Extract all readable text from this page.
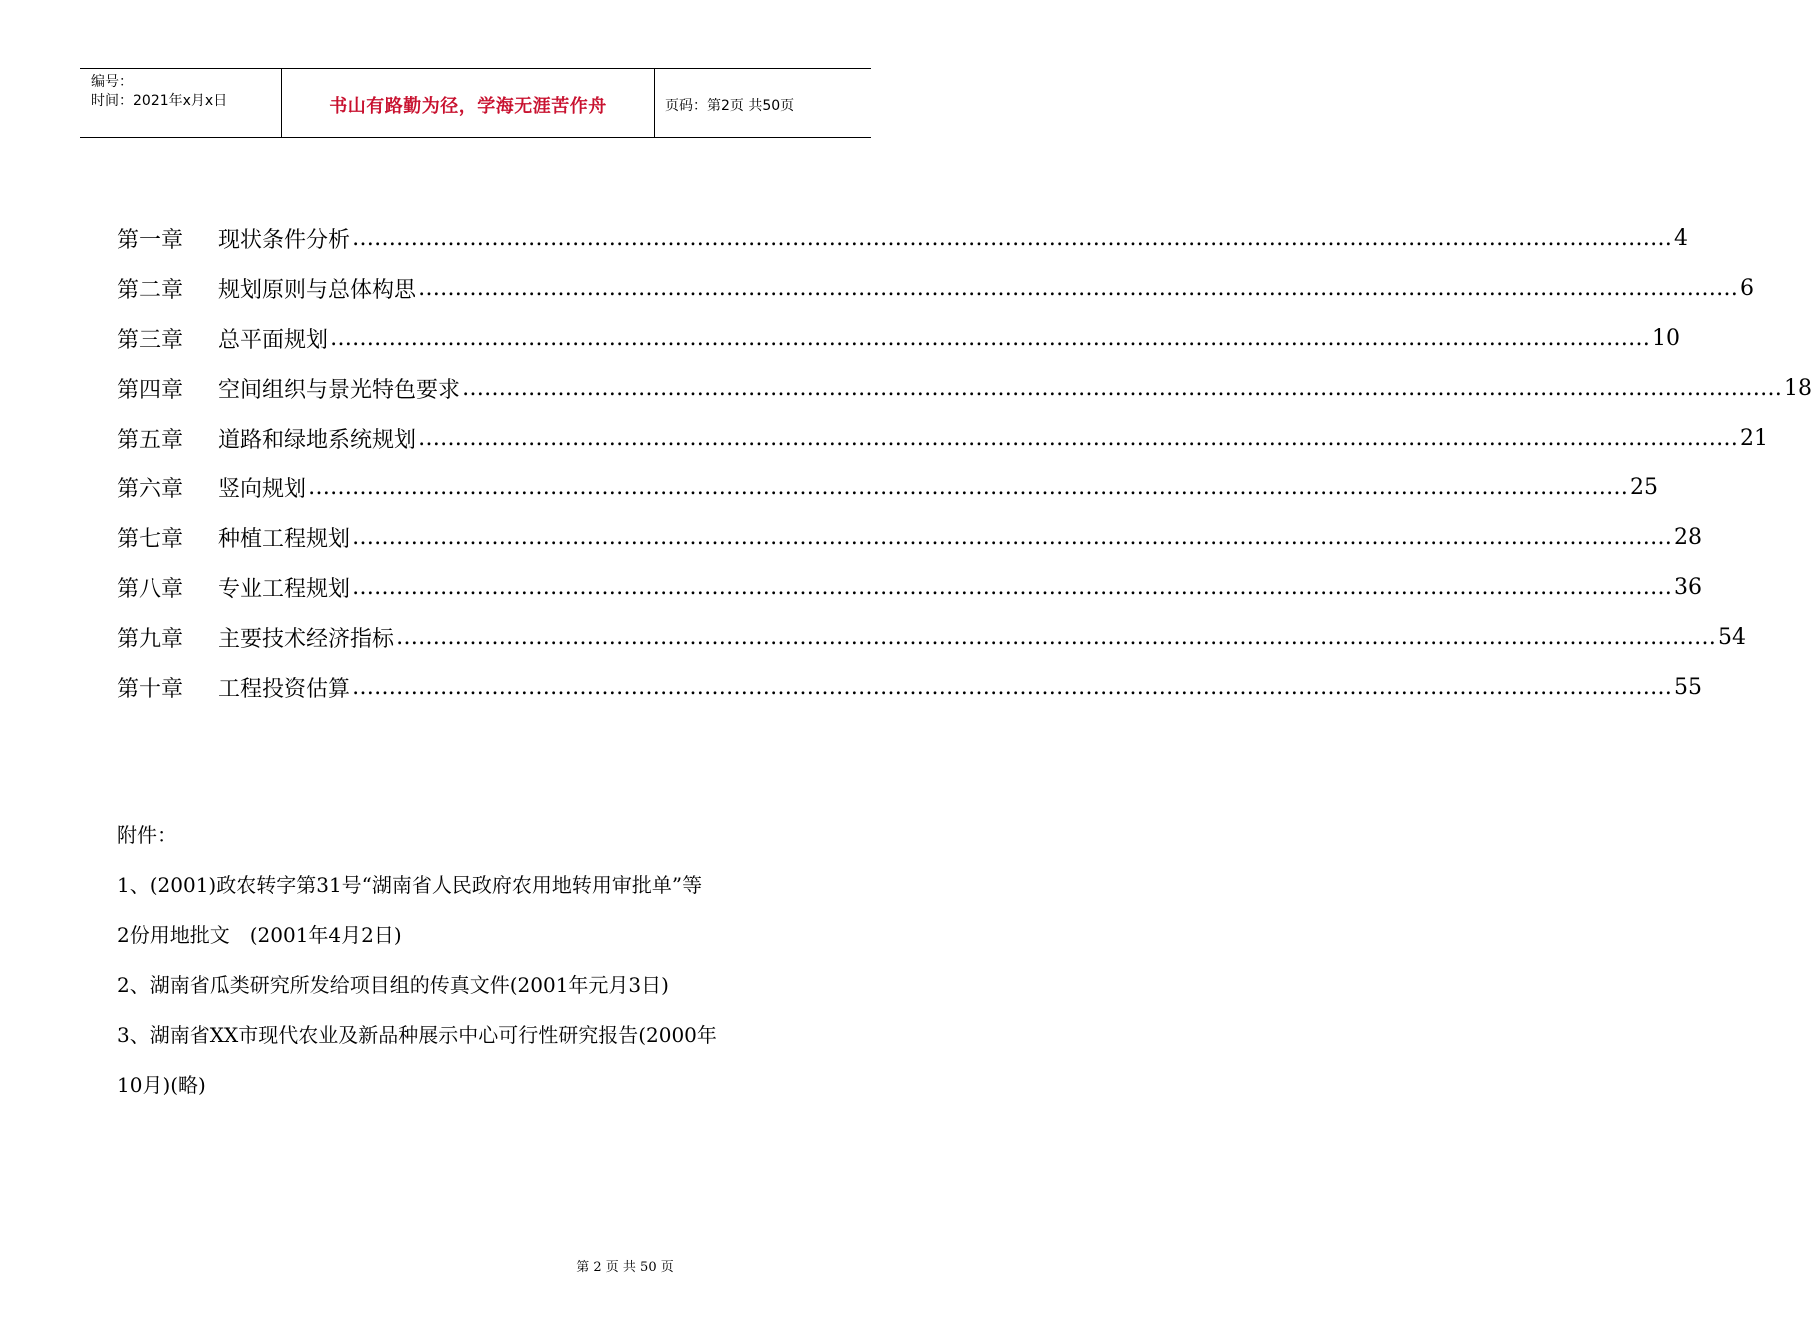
编号：
时间：2021年x月x日	书山有路勤为径，学海无涯苦作舟	页码：第2页 共50页
第一章	现状条件分析 ……………………………………………………………………………………………………………………………………………………………… 4
第二章	规划原则与总体构思 ……………………………………………………………………………………………………………………………………………………………… 6
第三章	总平面规划 ……………………………………………………………………………………………………………………………………………………………… 10
第四章	空间组织与景光特色要求 ……………………………………………………………………………………………………………………………………………………………… 18
第五章	道路和绿地系统规划 ……………………………………………………………………………………………………………………………………………………………… 21
第六章	竖向规划 ……………………………………………………………………………………………………………………………………………………………… 25
第七章	种植工程规划 ……………………………………………………………………………………………………………………………………………………………… 28
第八章	专业工程规划 ……………………………………………………………………………………………………………………………………………………………… 36
第九章	主要技术经济指标 ……………………………………………………………………………………………………………………………………………………………… 54
第十章	工程投资估算 ……………………………………………………………………………………………………………………………………………………………… 55

附件：

1、(2001)政农转字第31号“湖南省人民政府农用地转用审批单”等

2份用地批文　(2001年4月2日)

2、湖南省瓜类研究所发给项目组的传真文件(2001年元月3日)

3、湖南省XX市现代农业及新品种展示中心可行性研究报告(2000年

10月)(略)

第 2 页 共 50 页
